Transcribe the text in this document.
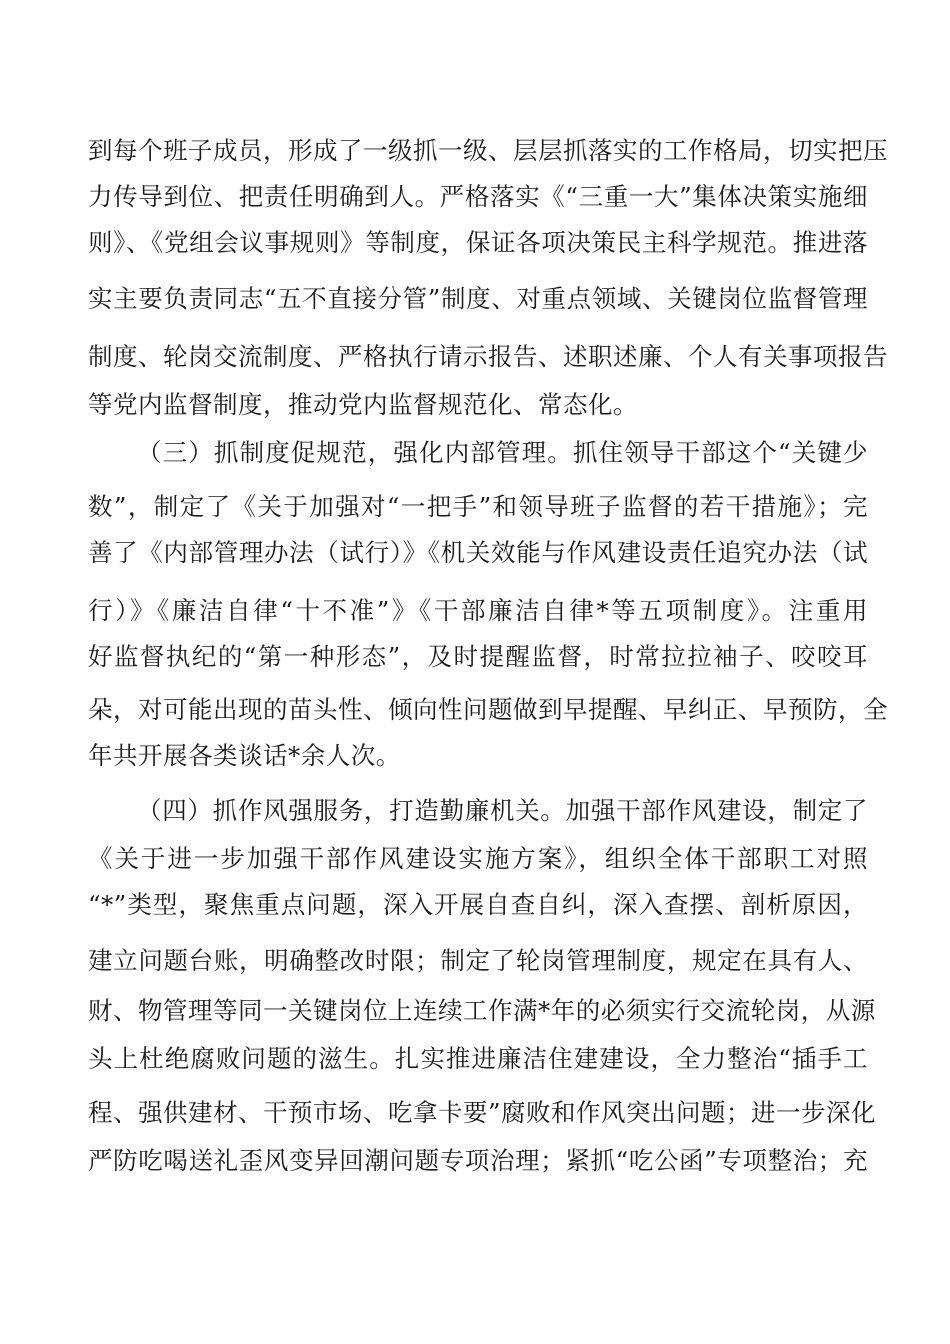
到每个班子成员，形成了一级抓一级、层层抓落实的工作格局，切实把压
力传导到位、把责任明确到人。严格落实《“三重一大”集体决策实施细
则》、《党组会议事规则》等制度，保证各项决策民主科学规范。推进落
实主要负责同志“五不直接分管”制度、对重点领域、关键岗位监督管理
制度、轮岗交流制度、严格执行请示报告、述职述廉、个人有关事项报告
等党内监督制度，推动党内监督规范化、常态化。
（三）抓制度促规范，强化内部管理。抓住领导干部这个“关键少
数”，制定了《关于加强对“一把手”和领导班子监督的若干措施》；完
善了《内部管理办法（试行）》《机关效能与作风建设责任追究办法（试
行）》《廉洁自律“十不准”》《干部廉洁自律*等五项制度》。注重用
好监督执纪的“第一种形态”，及时提醒监督，时常拉拉袖子、咬咬耳
朵，对可能出现的苗头性、倾向性问题做到早提醒、早纠正、早预防，全
年共开展各类谈话*余人次。
（四）抓作风强服务，打造勤廉机关。加强干部作风建设，制定了
《关于进一步加强干部作风建设实施方案》，组织全体干部职工对照
“*”类型，聚焦重点问题，深入开展自查自纠，深入查摆、剖析原因，
建立问题台账，明确整改时限；制定了轮岗管理制度，规定在具有人、
财、物管理等同一关键岗位上连续工作满*年的必须实行交流轮岗，从源
头上杜绝腐败问题的滋生。扎实推进廉洁住建建设，全力整治“插手工
程、强供建材、干预市场、吃拿卡要”腐败和作风突出问题；进一步深化
严防吃喝送礼歪风变异回潮问题专项治理；紧抓“吃公函”专项整治；充
